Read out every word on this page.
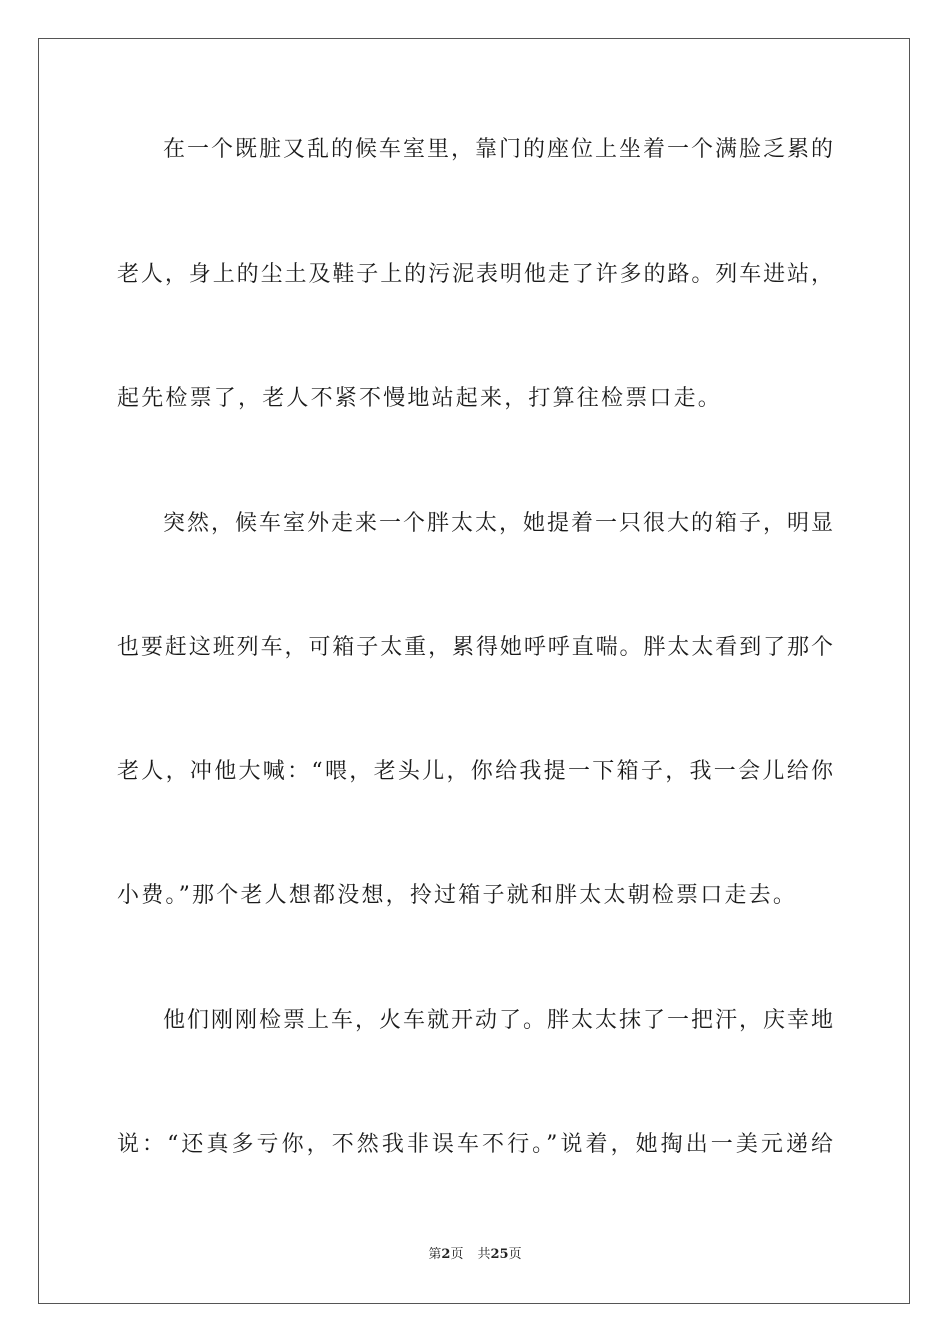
在一个既脏又乱的候车室里，靠门的座位上坐着一个满脸乏累的
老人，身上的尘土及鞋子上的污泥表明他走了许多的路。列车进站，
起先检票了，老人不紧不慢地站起来，打算往检票口走。
突然，候车室外走来一个胖太太，她提着一只很大的箱子，明显
也要赶这班列车，可箱子太重，累得她呼呼直喘。胖太太看到了那个
老人，冲他大喊：“喂，老头儿，你给我提一下箱子，我一会儿给你
小费。”那个老人想都没想，拎过箱子就和胖太太朝检票口走去。
他们刚刚检票上车，火车就开动了。胖太太抹了一把汗，庆幸地
说：“还真多亏你，不然我非误车不行。”说着，她掏出一美元递给
第2页 共25页
